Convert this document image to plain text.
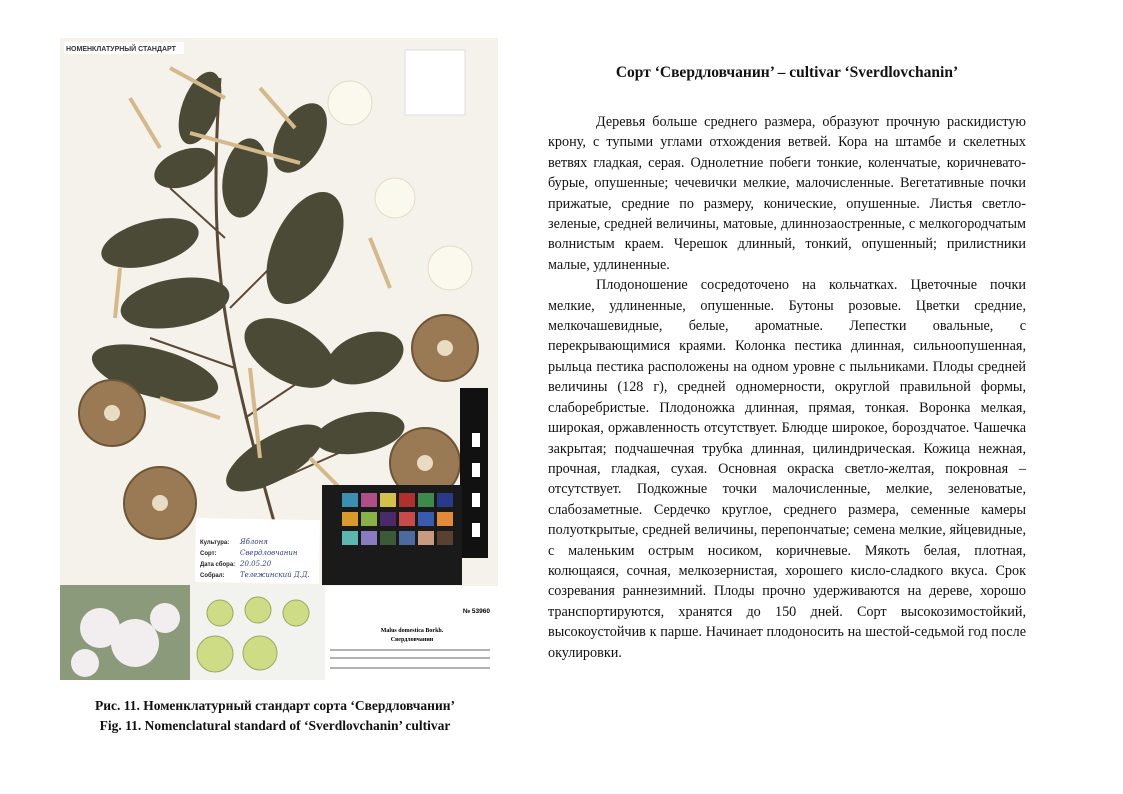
НОМЕНКЛАТУРНЫЙ СТАНДАРТ
Культура:
Сорт:
Дата сбора:
Собрал:
Яблоня
Свердловчанин
20.05.20
Тележинский Д.Д.
№ 53960
Malus domestica Borkh.
Свердловчанин
Рис. 11. Номенклатурный стандарт сорта ‘Свердловчанин’
Fig. 11. Nomenclatural standard of ‘Sverdlovchanin’ cultivar
Сорт ‘Свердловчанин’ – cultivar ‘Sverdlovchanin’

Деревья больше среднего размера, образуют прочную раскидистую крону, с тупыми углами отхождения ветвей. Кора на штамбе и скелетных ветвях гладкая, серая. Однолетние побеги тонкие, коленчатые, коричневато-бурые, опушенные; чечевички мелкие, малочисленные. Вегетативные почки прижатые, средние по размеру, конические, опушенные. Листья светло-зеленые, средней величины, матовые, длиннозаостренные, с мелкогородчатым волнистым краем. Черешок длинный, тонкий, опушенный; прилистники малые, удлиненные.

Плодоношение сосредоточено на кольчатках. Цветочные почки мелкие, удлиненные, опушенные. Бутоны розовые. Цветки средние, мелкочашевидные, белые, ароматные. Лепестки овальные, с перекрывающимися краями. Колонка пестика длинная, сильноопушенная, рыльца пестика расположены на одном уровне с пыльниками. Плоды средней величины (128 г), средней одномерности, округлой правильной формы, слаборебристые. Плодоножка длинная, прямая, тонкая. Воронка мелкая, широкая, оржавленность отсутствует. Блюдце широкое, бороздчатое. Чашечка закрытая; подчашечная трубка длинная, цилиндрическая. Кожица нежная, прочная, гладкая, сухая. Основная окраска светло-желтая, покровная – отсутствует. Подкожные точки малочисленные, мелкие, зеленоватые, слабозаметные. Сердечко круглое, среднего размера, семенные камеры полуоткрытые, средней величины, перепончатые; семена мелкие, яйцевидные, с маленьким острым носиком, коричневые. Мякоть белая, плотная, колющаяся, сочная, мелкозернистая, хорошего кисло-сладкого вкуса. Срок созревания раннезимний. Плоды прочно удерживаются на дереве, хорошо транспортируются, хранятся до 150 дней. Сорт высокозимостойкий, высокоустойчив к парше. Начинает плодоносить на шестой-седьмой год после окулировки.
